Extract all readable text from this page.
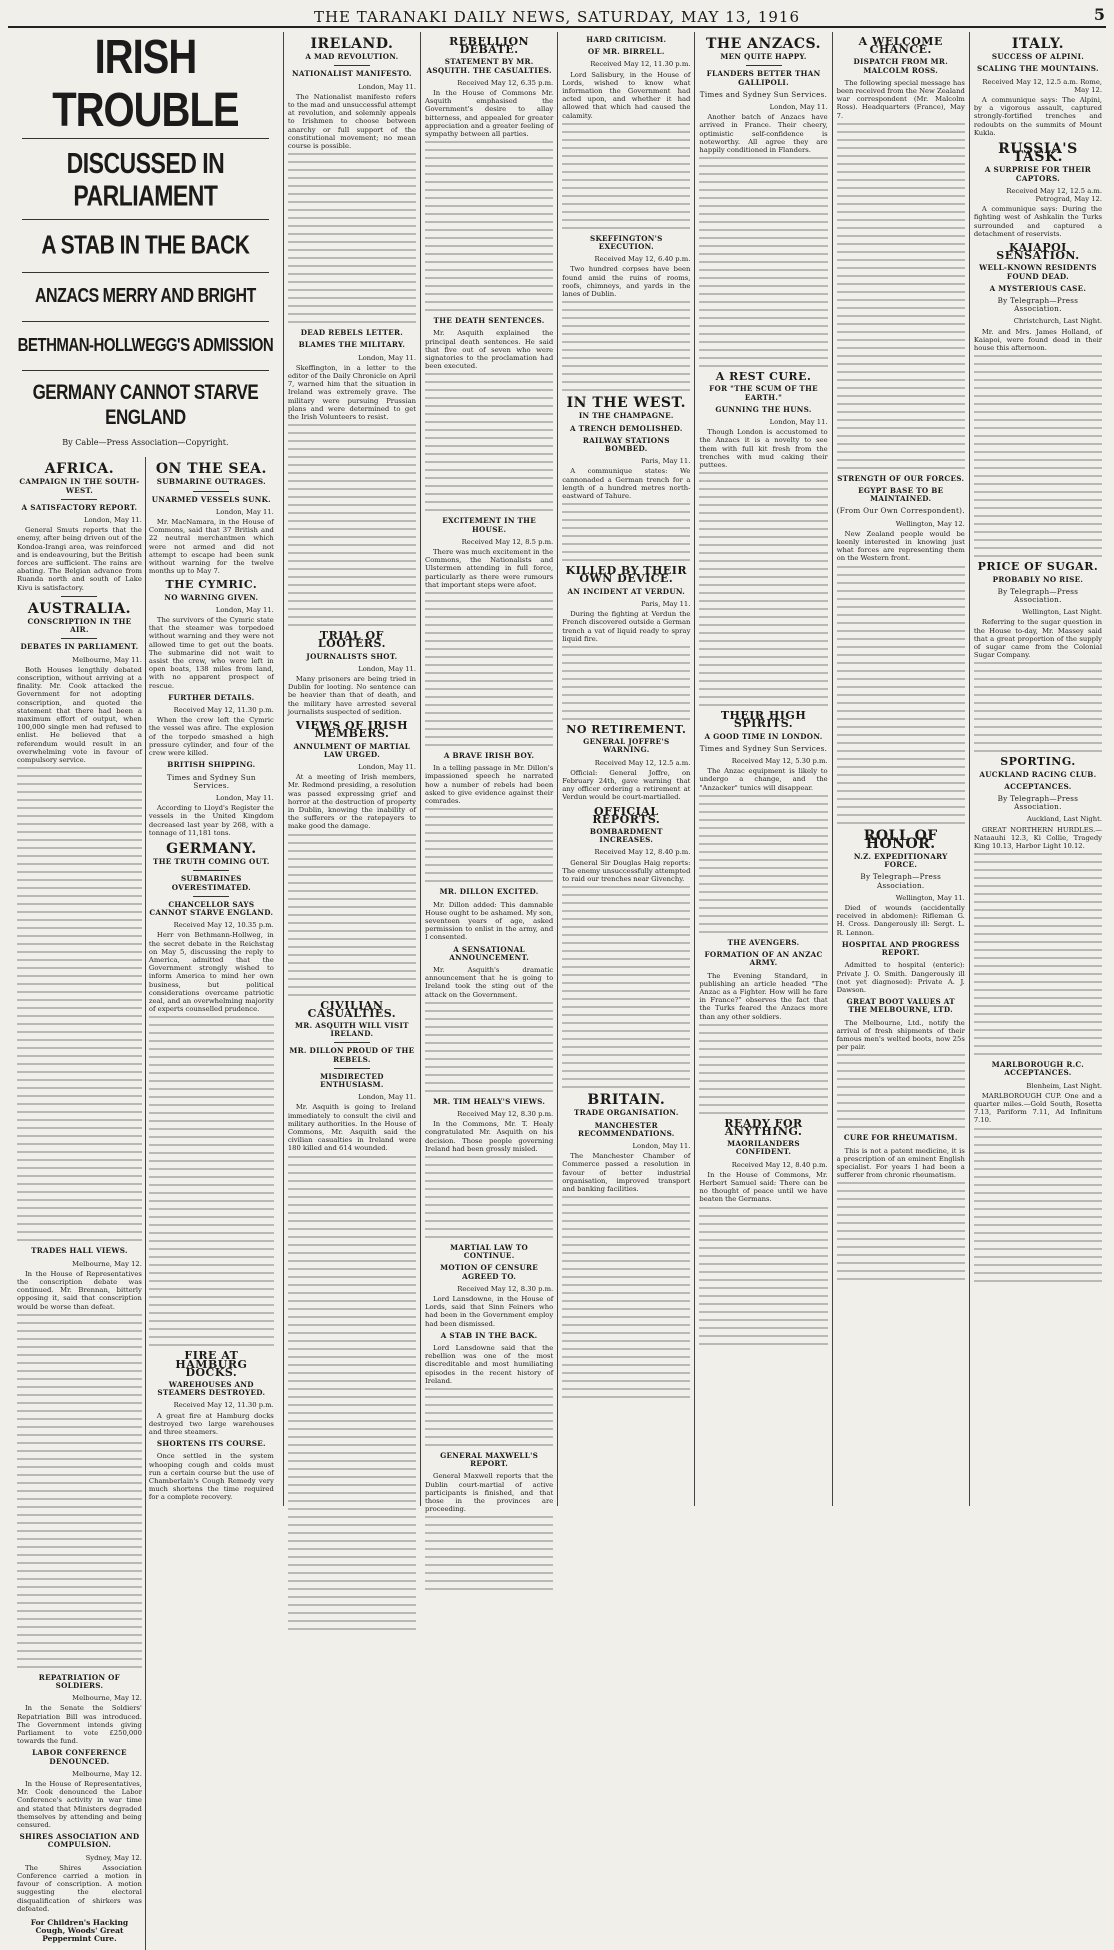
THE TARANAKI DAILY NEWS, SATURDAY, MAY 13, 1916	5
IRISH TROUBLE
DISCUSSED IN PARLIAMENT
A STAB IN THE BACK
ANZACS MERRY AND BRIGHT
BETHMAN-HOLLWEGG'S ADMISSION
GERMANY CANNOT STARVE ENGLAND
By Cable—Press Association—Copyright.
AFRICA.
CAMPAIGN IN THE SOUTH-WEST.
A SATISFACTORY REPORT.
London, May 11.

General Smuts reports that the enemy, after being driven out of the Kondoa-Irangi area, was reinforced and is endeavouring, but the British forces are sufficient. The rains are abating. The Belgian advance from Ruanda north and south of Lake Kivu is satisfactory.

AUSTRALIA.
CONSCRIPTION IN THE AIR.
DEBATES IN PARLIAMENT.
Melbourne, May 11.

Both Houses lengthily debated conscription, without arriving at a finality. Mr. Cook attacked the Government for not adopting conscription, and quoted the statement that there had been a maximum effort of output, when 100,000 single men had refused to enlist. He believed that a referendum would result in an overwhelming vote in favour of compulsory service.

TRADES HALL VIEWS.
Melbourne, May 12.

In the House of Representatives the conscription debate was continued. Mr. Brennan, bitterly opposing it, said that conscription would be worse than defeat.

REPATRIATION OF SOLDIERS.
Melbourne, May 12.

In the Senate the Soldiers' Repatriation Bill was introduced. The Government intends giving Parliament to vote £250,000 towards the fund.

LABOR CONFERENCE DENOUNCED.
Melbourne, May 12.

In the House of Representatives, Mr. Cook denounced the Labor Conference's activity in war time and stated that Ministers degraded themselves by attending and being censured.

SHIRES ASSOCIATION AND COMPULSION.
Sydney, May 12.

The Shires Association Conference carried a motion in favour of conscription. A motion suggesting the electoral disqualification of shirkers was defeated.

For Children's Hacking Cough, Woods' Great Peppermint Cure.
ON THE SEA.
SUBMARINE OUTRAGES.
UNARMED VESSELS SUNK.
London, May 11.

Mr. MacNamara, in the House of Commons, said that 37 British and 22 neutral merchantmen which were not armed and did not attempt to escape had been sunk without warning for the twelve months up to May 7.

THE CYMRIC.
NO WARNING GIVEN.
London, May 11.

The survivors of the Cymric state that the steamer was torpedoed without warning and they were not allowed time to get out the boats. The submarine did not wait to assist the crew, who were left in open boats, 138 miles from land, with no apparent prospect of rescue.

FURTHER DETAILS.
Received May 12, 11.30 p.m.

When the crew left the Cymric the vessel was afire. The explosion of the torpedo smashed a high pressure cylinder, and four of the crew were killed.

BRITISH SHIPPING.
Times and Sydney Sun Services.
London, May 11.

According to Lloyd's Register the vessels in the United Kingdom decreased last year by 268, with a tonnage of 11,181 tons.

GERMANY.
THE TRUTH COMING OUT.
SUBMARINES OVERESTIMATED.
CHANCELLOR SAYS CANNOT STARVE ENGLAND.
Received May 12, 10.35 p.m.

Herr von Bethmann-Hollweg, in the secret debate in the Reichstag on May 5, discussing the reply to America, admitted that the Government strongly wished to inform America to mind her own business, but political considerations overcame patriotic zeal, and an overwhelming majority of experts counselled prudence.

FIRE AT HAMBURG DOCKS.
WAREHOUSES AND STEAMERS DESTROYED.
Received May 12, 11.30 p.m.

A great fire at Hamburg docks destroyed two large warehouses and three steamers.

SHORTENS ITS COURSE.

Once settled in the system whooping cough and colds must run a certain course but the use of Chamberlain's Cough Remedy very much shortens the time required for a complete recovery.

IRELAND.
A MAD REVOLUTION.
NATIONALIST MANIFESTO.
London, May 11.

The Nationalist manifesto refers to the mad and unsuccessful attempt at revolution, and solemnly appeals to Irishmen to choose between anarchy or full support of the constitutional movement; no mean course is possible.

DEAD REBELS LETTER.
BLAMES THE MILITARY.
London, May 11.

Skeffington, in a letter to the editor of the Daily Chronicle on April 7, warned him that the situation in Ireland was extremely grave. The military were pursuing Prussian plans and were determined to get the Irish Volunteers to resist.

TRIAL OF LOOTERS.
JOURNALISTS SHOT.
London, May 11.

Many prisoners are being tried in Dublin for looting. No sentence can be heavier than that of death, and the military have arrested several journalists suspected of sedition.

VIEWS OF IRISH MEMBERS.
ANNULMENT OF MARTIAL LAW URGED.
London, May 11.

At a meeting of Irish members, Mr. Redmond presiding, a resolution was passed expressing grief and horror at the destruction of property in Dublin, knowing the inability of the sufferers or the ratepayers to make good the damage.

CIVILIAN CASUALTIES.
MR. ASQUITH WILL VISIT IRELAND.
MR. DILLON PROUD OF THE REBELS.
MISDIRECTED ENTHUSIASM.
London, May 11.

Mr. Asquith is going to Ireland immediately to consult the civil and military authorities. In the House of Commons, Mr. Asquith said the civilian casualties in Ireland were 180 killed and 614 wounded.

REBELLION DEBATE.
STATEMENT BY MR. ASQUITH. THE CASUALTIES.
Received May 12, 6.35 p.m.

In the House of Commons Mr. Asquith emphasised the Government's desire to allay bitterness, and appealed for greater appreciation and a greater feeling of sympathy between all parties.

THE DEATH SENTENCES.

Mr. Asquith explained the principal death sentences. He said that five out of seven who were signatories to the proclamation had been executed.

EXCITEMENT IN THE HOUSE.
Received May 12, 8.5 p.m.

There was much excitement in the Commons, the Nationalists and Ulstermen attending in full force, particularly as there were rumours that important steps were afoot.

A BRAVE IRISH BOY.

In a telling passage in Mr. Dillon's impassioned speech he narrated how a number of rebels had been asked to give evidence against their comrades.

MR. DILLON EXCITED.

Mr. Dillon added: This damnable House ought to be ashamed. My son, seventeen years of age, asked permission to enlist in the army, and I consented.

A SENSATIONAL ANNOUNCEMENT.

Mr. Asquith's dramatic announcement that he is going to Ireland took the sting out of the attack on the Government.

MR. TIM HEALY'S VIEWS.
Received May 12, 8.30 p.m.

In the Commons, Mr. T. Healy congratulated Mr. Asquith on his decision. Those people governing Ireland had been grossly misled.

MARTIAL LAW TO CONTINUE.
MOTION OF CENSURE AGREED TO.
Received May 12, 8.30 p.m.

Lord Lansdowne, in the House of Lords, said that Sinn Feiners who had been in the Government employ had been dismissed.

A STAB IN THE BACK.

Lord Lansdowne said that the rebellion was one of the most discreditable and most humiliating episodes in the recent history of Ireland.

GENERAL MAXWELL'S REPORT.

General Maxwell reports that the Dublin court-martial of active participants is finished, and that those in the provinces are proceeding.

HARD CRITICISM.
OF MR. BIRRELL.
Received May 12, 11.30 p.m.

Lord Salisbury, in the House of Lords, wished to know what information the Government had acted upon, and whether it had allowed that which had caused the calamity.

SKEFFINGTON'S EXECUTION.
Received May 12, 6.40 p.m.

Two hundred corpses have been found amid the ruins of rooms, roofs, chimneys, and yards in the lanes of Dublin.

IN THE WEST.
IN THE CHAMPAGNE.
A TRENCH DEMOLISHED.
RAILWAY STATIONS BOMBED.
Paris, May 11.

A communique states: We cannonaded a German trench for a length of a hundred metres north-eastward of Tahure.

KILLED BY THEIR OWN DEVICE.
AN INCIDENT AT VERDUN.
Paris, May 11.

During the fighting at Verdun the French discovered outside a German trench a vat of liquid ready to spray liquid fire.

NO RETIREMENT.
GENERAL JOFFRE'S WARNING.
Received May 12, 12.5 a.m.

Official: General Joffre, on February 24th, gave warning that any officer ordering a retirement at Verdun would be court-martialled.

OFFICIAL REPORTS.
BOMBARDMENT INCREASES.
Received May 12, 8.40 p.m.

General Sir Douglas Haig reports: The enemy unsuccessfully attempted to raid our trenches near Givenchy.

BRITAIN.
TRADE ORGANISATION.
MANCHESTER RECOMMENDATIONS.
London, May 11.

The Manchester Chamber of Commerce passed a resolution in favour of better industrial organisation, improved transport and banking facilities.

THE ANZACS.
MEN QUITE HAPPY.
FLANDERS BETTER THAN GALLIPOLI.
Times and Sydney Sun Services.
London, May 11.

Another batch of Anzacs have arrived in France. Their cheery, optimistic self-confidence is noteworthy. All agree they are happily conditioned in Flanders.

A REST CURE.
FOR "THE SCUM OF THE EARTH."
GUNNING THE HUNS.
London, May 11.

Though London is accustomed to the Anzacs it is a novelty to see them with full kit fresh from the trenches with mud caking their puttees.

THEIR HIGH SPIRITS.
A GOOD TIME IN LONDON.
Times and Sydney Sun Services.
Received May 12, 5.30 p.m.

The Anzac equipment is likely to undergo a change, and the "Anzacker" tunics will disappear.

THE AVENGERS.
FORMATION OF AN ANZAC ARMY.

The Evening Standard, in publishing an article headed "The Anzac as a Fighter. How will he fare in France?" observes the fact that the Turks feared the Anzacs more than any other soldiers.

READY FOR ANYTHING.
MAORILANDERS CONFIDENT.
Received May 12, 8.40 p.m.

In the House of Commons, Mr. Herbert Samuel said: There can be no thought of peace until we have beaten the Germans.

A WELCOME CHANCE.
DISPATCH FROM MR. MALCOLM ROSS.

The following special message has been received from the New Zealand war correspondent (Mr. Malcolm Ross). Headquarters (France), May 7.

STRENGTH OF OUR FORCES.
EGYPT BASE TO BE MAINTAINED.
(From Our Own Correspondent).
Wellington, May 12.

New Zealand people would be keenly interested in knowing just what forces are representing them on the Western front.

ROLL OF HONOR.
N.Z. EXPEDITIONARY FORCE.
By Telegraph—Press Association.
Wellington, May 11.

Died of wounds (accidentally received in abdomen): Rifleman G. H. Cross. Dangerously ill: Sergt. L. R. Lennon.

HOSPITAL AND PROGRESS REPORT.

Admitted to hospital (enteric): Private J. O. Smith. Dangerously ill (not yet diagnosed): Private A. J. Dawson.

GREAT BOOT VALUES AT THE MELBOURNE, LTD.

The Melbourne, Ltd., notify the arrival of fresh shipments of their famous men's welted boots, now 25s per pair.

CURE FOR RHEUMATISM.

This is not a patent medicine, it is a prescription of an eminent English specialist. For years I had been a sufferer from chronic rheumatism.

ITALY.
SUCCESS OF ALPINI.
SCALING THE MOUNTAINS.
Received May 12, 12.5 a.m. Rome, May 12.

A communique says: The Alpini, by a vigorous assault, captured strongly-fortified trenches and redoubts on the summits of Mount Kukla.

RUSSIA'S TASK.
A SURPRISE FOR THEIR CAPTORS.
Received May 12, 12.5 a.m. Petrograd, May 12.

A communique says: During the fighting west of Ashkalin the Turks surrounded and captured a detachment of reservists.

KAIAPOI SENSATION.
WELL-KNOWN RESIDENTS FOUND DEAD.
A MYSTERIOUS CASE.
By Telegraph—Press Association.
Christchurch, Last Night.

Mr. and Mrs. James Holland, of Kaiapoi, were found dead in their house this afternoon.

PRICE OF SUGAR.
PROBABLY NO RISE.
By Telegraph—Press Association.
Wellington, Last Night.

Referring to the sugar question in the House to-day, Mr. Massey said that a great proportion of the supply of sugar came from the Colonial Sugar Company.

SPORTING.
AUCKLAND RACING CLUB.
ACCEPTANCES.
By Telegraph—Press Association.
Auckland, Last Night.

GREAT NORTHERN HURDLES.—Nataauhi 12.3, Ki Collie, Tragedy King 10.13, Harbor Light 10.12.

MARLBOROUGH R.C. ACCEPTANCES.
Blenheim, Last Night.

MARLBOROUGH CUP. One and a quarter miles.—Gold South, Rosetta 7.13, Pariform 7.11, Ad Infinitum 7.10.
